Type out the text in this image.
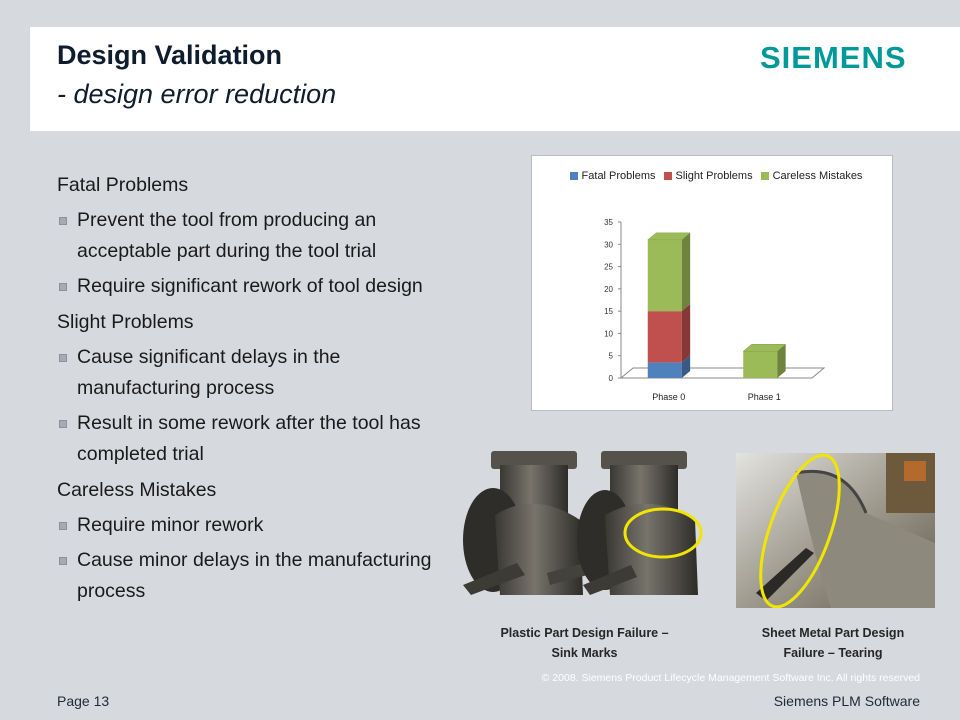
Design Validation
- design error reduction
SIEMENS
Fatal Problems
Prevent the tool from producing an acceptable part during the tool trial
Require significant rework of tool design
Slight Problems
Cause significant delays in the manufacturing process
Result in some rework after the tool has completed trial
Careless Mistakes
Require minor rework
Cause minor delays in the manufacturing process
Fatal Problems Slight Problems Careless Mistakes
0
5
10
15
20
25
30
35
Phase 0	Phase 1
Plastic Part Design Failure –
Sink Marks
Sheet Metal Part Design
Failure – Tearing
© 2008. Siemens Product Lifecycle Management Software Inc. All rights reserved
Page 13	Siemens PLM Software
